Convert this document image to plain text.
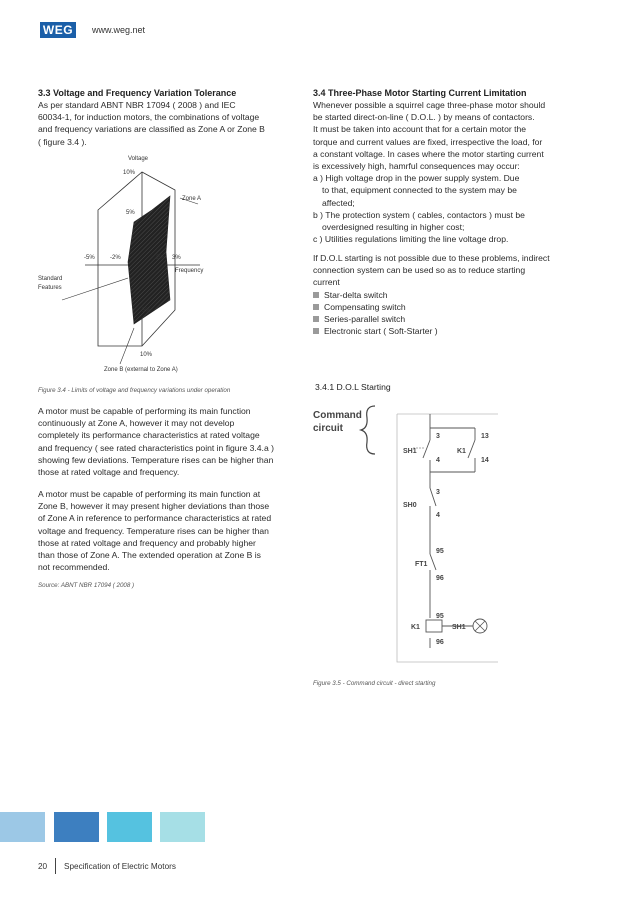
WEG	www.weg.net
3.3 Voltage and Frequency Variation Tolerance

As per standard ABNT NBR 17094 ( 2008 ) and IEC

60034-1, for induction motors, the combinations of voltage

and frequency variations are classified as Zone A or Zone B

( figure 3.4 ).

Voltage
10%
5%
Zone A
-5%	-2%	2% 3%
Frequency
Standard
Features
5%
10%
Zone B (external to Zone A)
Figure 3.4 - Limits of voltage and frequency variations under operation

A motor must be capable of performing its main function

continuously at Zone A, however it may not develop

completely its performance characteristics at rated voltage

and frequency ( see rated characteristics point in figure 3.4.a )

showing few deviations. Temperature rises can be higher than

those at rated voltage and frequency.

A motor must be capable of performing its main function at

Zone B, however it may present higher deviations than those

of Zone A in reference to performance characteristics at rated

voltage and frequency. Temperature rises can be higher than

those at rated voltage and frequency and probably higher

than those of Zone A. The extended operation at Zone B is

not recommended.

Source: ABNT NBR 17094 ( 2008 )
3.4 Three-Phase Motor Starting Current Limitation

Whenever possible a squirrel cage three-phase motor should

be started direct-on-line ( D.O.L. ) by means of contactors.

It must be taken into account that for a certain motor the

torque and current values are fixed, irrespective the load, for

a constant voltage. In cases where the motor starting current

is excessively high, hamrful consequences may occur:

a ) High voltage drop in the power supply system. Due

to that, equipment connected to the system may be

affected;

b ) The protection system ( cables, contactors ) must be

overdesigned resulting in higher cost;

c ) Utilities regulations limiting the line voltage drop.

If D.O.L starting is not possible due to these problems, indirect

connection system can be used so as to reduce starting

current

Star-delta switch
Compensating switch
Series-parallel switch
Electronic start ( Soft-Starter )
3.4.1 D.O.L Starting
Command
circuit
SH1
3
4
13
14
K1
SH0
3
4
95
FT1
96
95
K1	SH1
96
Figure 3.5 - Command circuit - direct starting
20 Specification of Electric Motors
